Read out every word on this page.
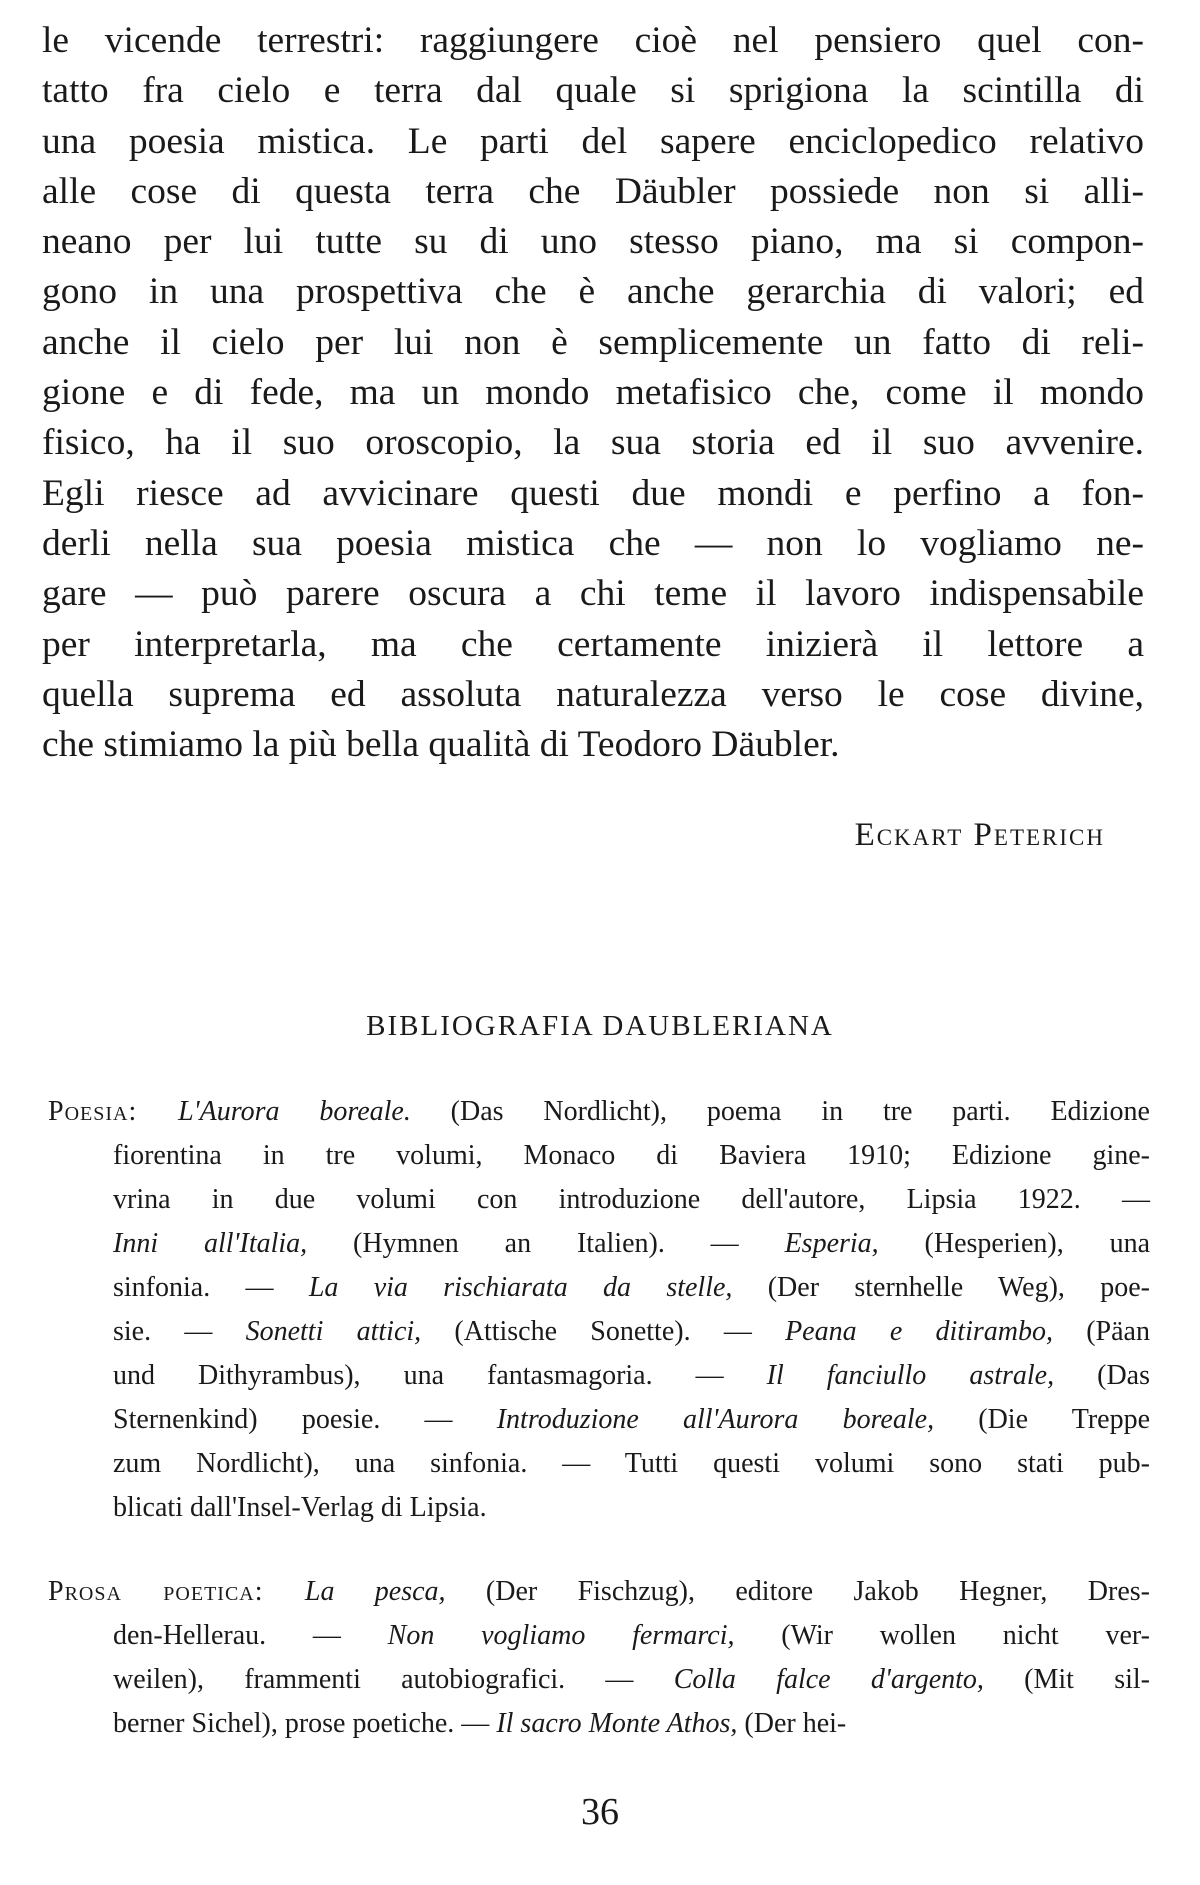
le vicende terrestri: raggiungere cioè nel pensiero quel con-
tatto fra cielo e terra dal quale si sprigiona la scintilla di
una poesia mistica. Le parti del sapere enciclopedico relativo
alle cose di questa terra che Däubler possiede non si alli-
neano per lui tutte su di uno stesso piano, ma si compon-
gono in una prospettiva che è anche gerarchia di valori; ed
anche il cielo per lui non è semplicemente un fatto di reli-
gione e di fede, ma un mondo metafisico che, come il mondo
fisico, ha il suo oroscopio, la sua storia ed il suo avvenire.
Egli riesce ad avvicinare questi due mondi e perfino a fon-
derli nella sua poesia mistica che — non lo vogliamo ne-
gare — può parere oscura a chi teme il lavoro indispensabile
per interpretarla, ma che certamente inizierà il lettore a
quella suprema ed assoluta naturalezza verso le cose divine,
che stimiamo la più bella qualità di Teodoro Däubler.
Eckart Peterich
BIBLIOGRAFIA DAUBLERIANA
Poesia: L'Aurora boreale. (Das Nordlicht), poema in tre parti. Edizione
fiorentina in tre volumi, Monaco di Baviera 1910; Edizione gine-
vrina in due volumi con introduzione dell'autore, Lipsia 1922. —
Inni all'Italia, (Hymnen an Italien). — Esperia, (Hesperien), una
sinfonia. — La via rischiarata da stelle, (Der sternhelle Weg), poe-
sie. — Sonetti attici, (Attische Sonette). — Peana e ditirambo, (Päan
und Dithyrambus), una fantasmagoria. — Il fanciullo astrale, (Das
Sternenkind) poesie. — Introduzione all'Aurora boreale, (Die Treppe
zum Nordlicht), una sinfonia. — Tutti questi volumi sono stati pub-
blicati dall'Insel-Verlag di Lipsia.
Prosa poetica: La pesca, (Der Fischzug), editore Jakob Hegner, Dres-
den-Hellerau. — Non vogliamo fermarci, (Wir wollen nicht ver-
weilen), frammenti autobiografici. — Colla falce d'argento, (Mit sil-
berner Sichel), prose poetiche. — Il sacro Monte Athos, (Der hei-
36
